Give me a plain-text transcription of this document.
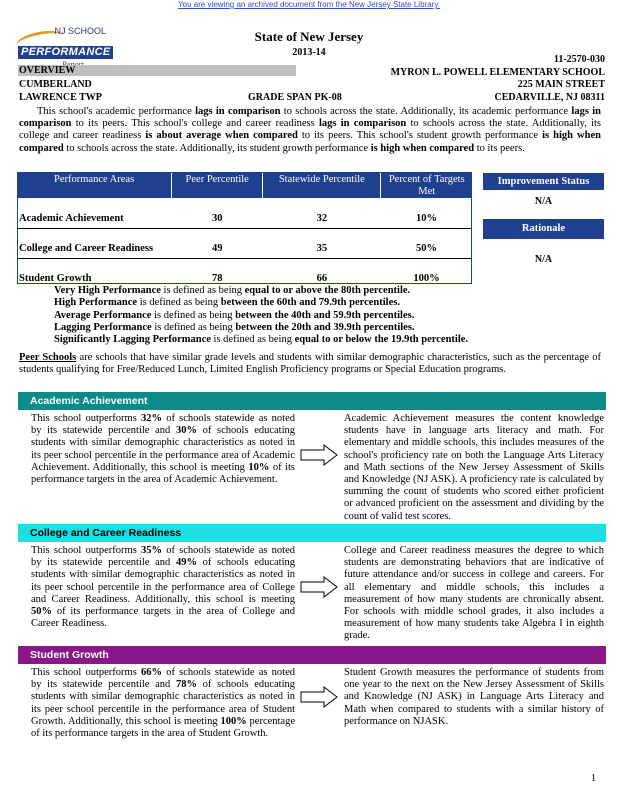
You are viewing an archived document from the New Jersey State Library.
NJ SCHOOL
PERFORMANCE
State of New Jersey
2013-14
11-2570-030
OVERVIEW
CUMBERLAND
LAWRENCE TWP	GRADE SPAN PK-08
MYRON L. POWELL ELEMENTARY SCHOOL
225 MAIN STREET
CEDARVILLE, NJ 08311

This school's academic performance lags in comparison to schools across the state. Additionally, its academic performance lags in comparison to its peers. This school's college and career readiness lags in comparison to schools across the state. Additionally, its college and career readiness is about average when compared to its peers. This school's student growth performance is high when compared to schools across the state. Additionally, its student growth performance is high when compared to its peers.

Performance Areas	Peer Percentile	Statewide Percentile	Percent of Targets Met
Academic Achievement	30	32	10%
College and Career Readiness	49	35	50%
Student Growth	78	66	100%
Improvement Status
N/A
Rationale
N/A
Very High Performance is defined as being equal to or above the 80th percentile.
High Performance is defined as being between the 60th and 79.9th percentiles.
Average Performance is defined as being between the 40th and 59.9th percentiles.
Lagging Performance is defined as being between the 20th and 39.9th percentiles.
Significantly Lagging Performance is defined as being equal to or below the 19.9th percentile.

Peer Schools are schools that have similar grade levels and students with similar demographic characteristics, such as the percentage of students qualifying for Free/Reduced Lunch, Limited English Proficiency programs or Special Education programs.

Academic Achievement

This school outperforms 32% of schools statewide as noted by its statewide percentile and 30% of schools educating students with similar demographic characteristics as noted in its peer school percentile in the performance area of Academic Achievement. Additionally, this school is meeting 10% of its performance targets in the area of Academic Achievement.

Academic Achievement measures the content knowledge students have in language arts literacy and math. For elementary and middle schools, this includes measures of the school's proficiency rate on both the Language Arts Literacy and Math sections of the New Jersey Assessment of Skills and Knowledge (NJ ASK). A proficiency rate is calculated by summing the count of students who scored either proficient or advanced proficient on the assessment and dividing by the count of valid test scores.

College and Career Readiness

This school outperforms 35% of schools statewide as noted by its statewide percentile and 49% of schools educating students with similar demographic characteristics as noted in its peer school percentile in the performance area of College and Career Readiness. Additionally, this school is meeting 50% of its performance targets in the area of College and Career Readiness.

College and Career readiness measures the degree to which students are demonstrating behaviors that are indicative of future attendance and/or success in college and careers. For all elementary and middle schools, this includes a measurement of how many students are chronically absent. For schools with middle school grades, it also includes a measurement of how many students take Algebra I in eighth grade.

Student Growth

This school outperforms 66% of schools statewide as noted by its statewide percentile and 78% of schools educating students with similar demographic characteristics as noted in its peer school percentile in the performance area of Student Growth. Additionally, this school is meeting 100% percentage of its performance targets in the area of Student Growth.

Student Growth measures the performance of students from one year to the next on the New Jersey Assessment of Skills and Knowledge (NJ ASK) in Language Arts Literacy and Math when compared to students with a similar history of performance on NJASK.

1
